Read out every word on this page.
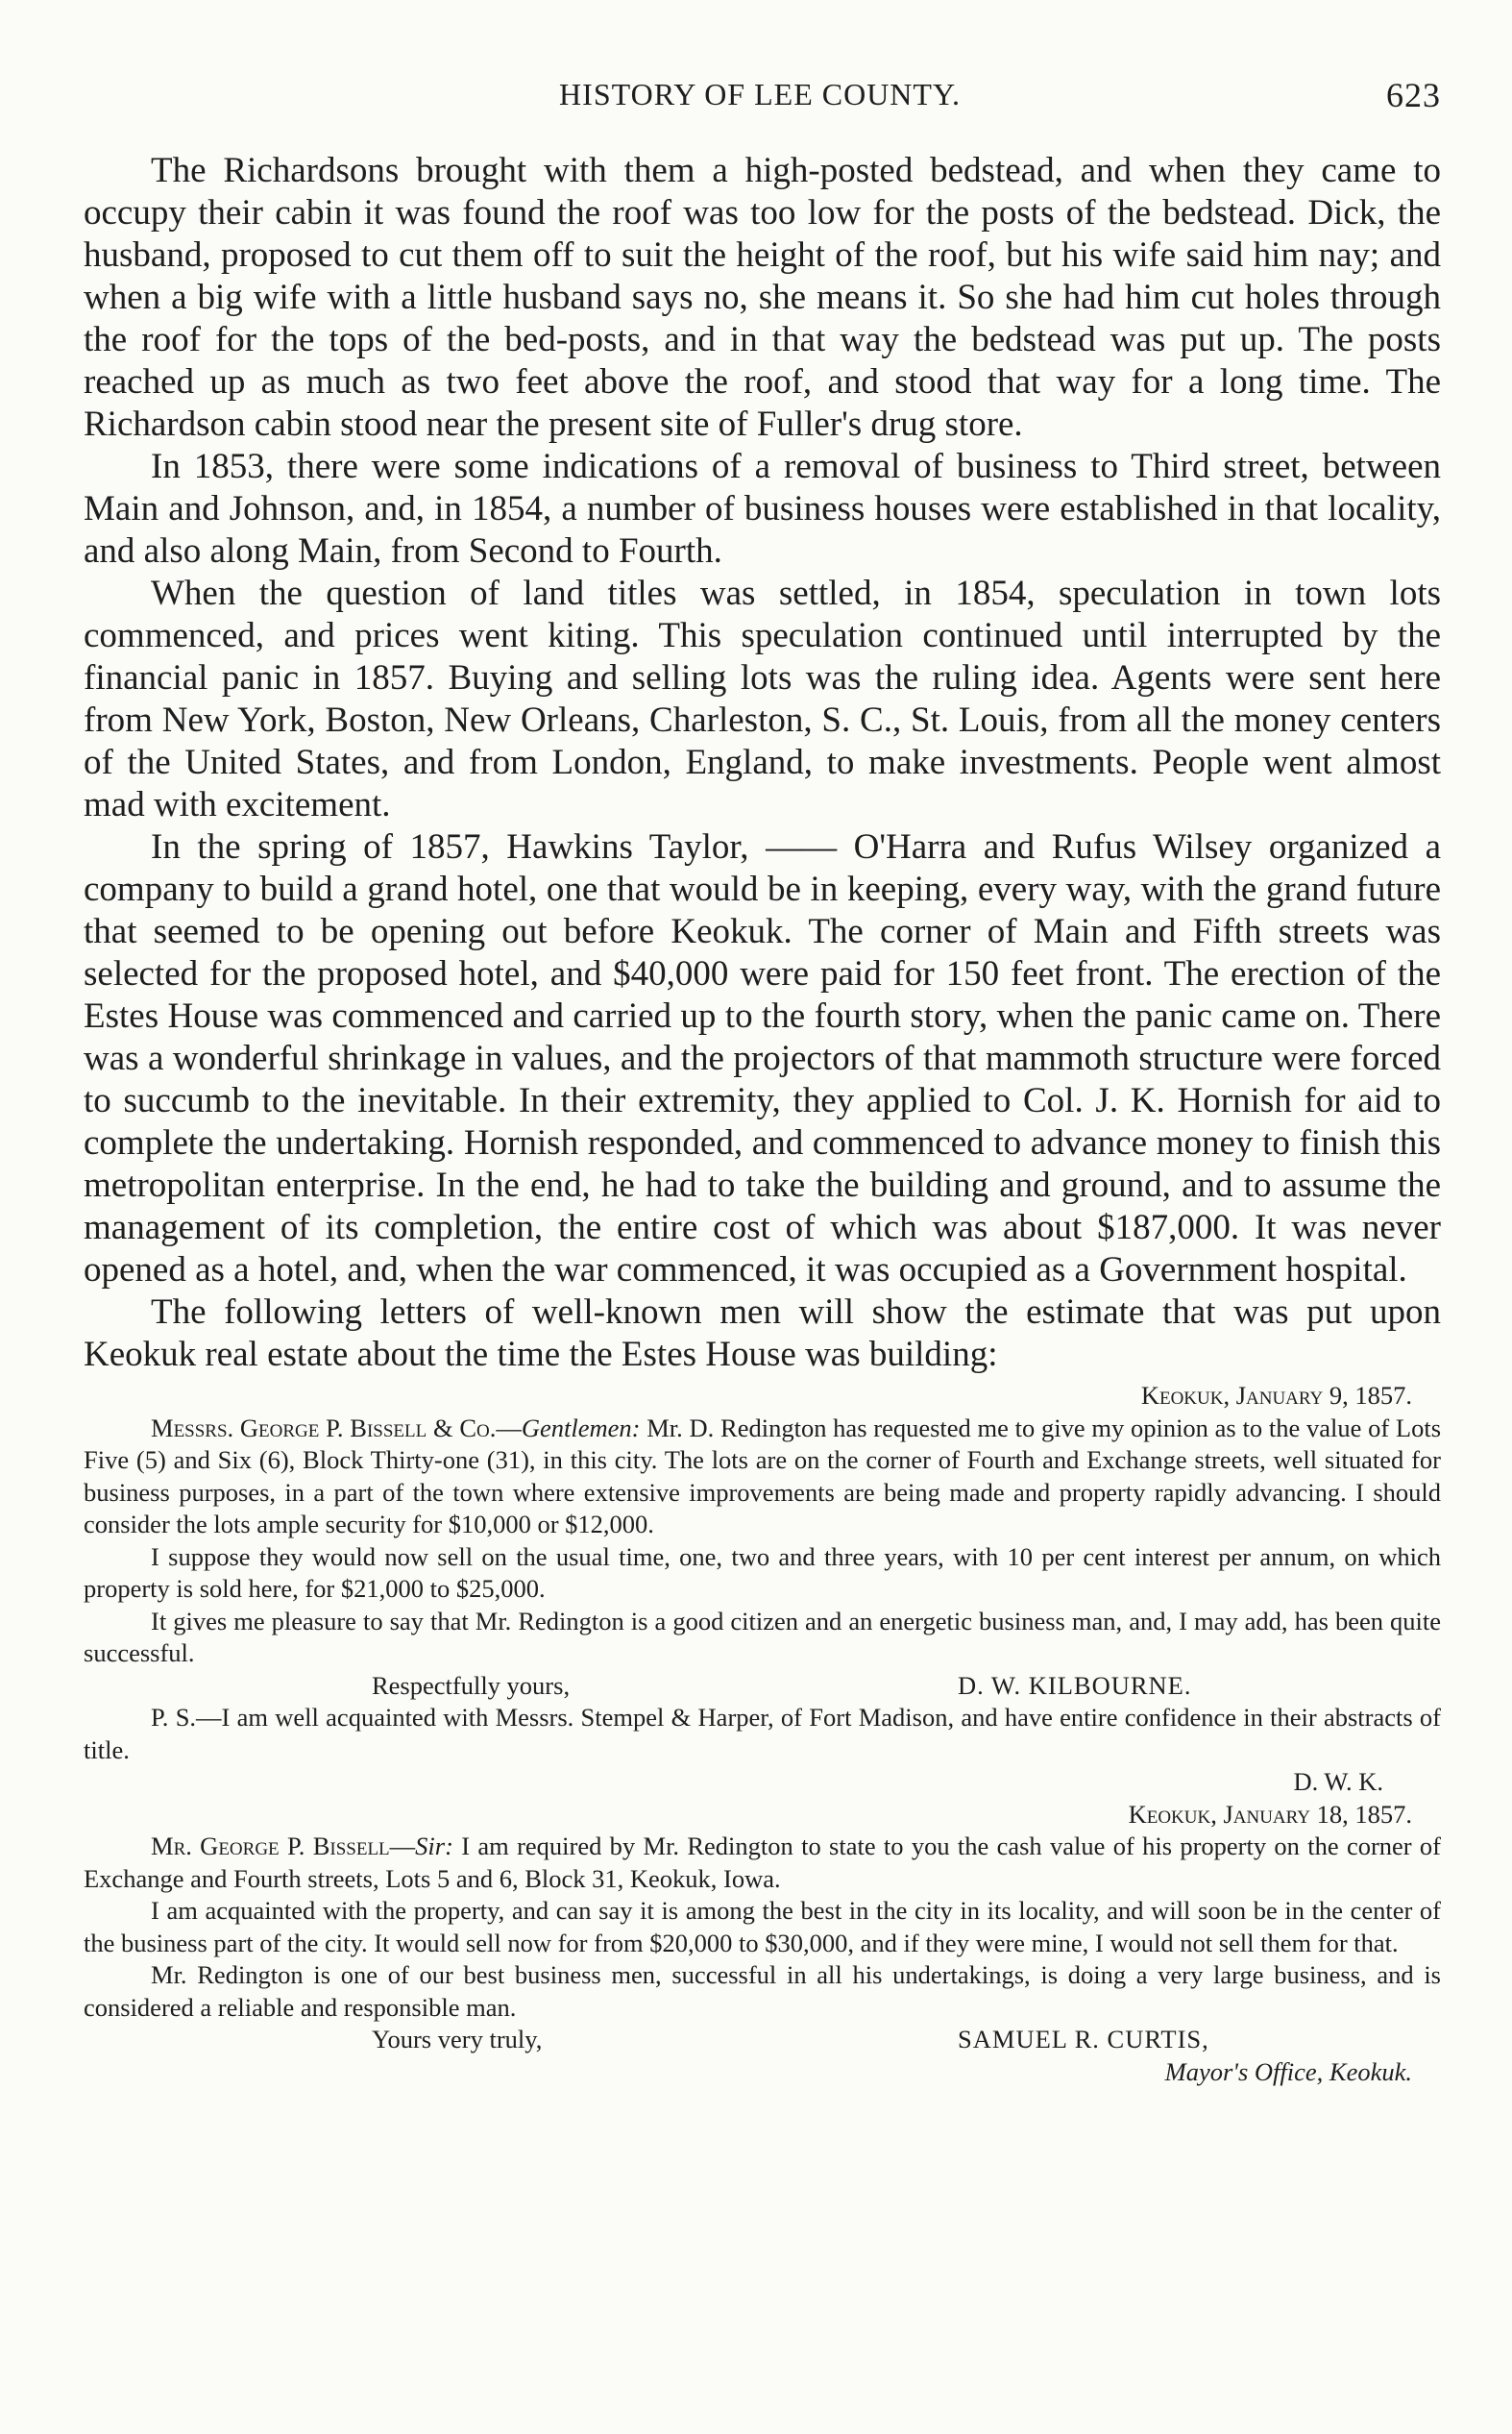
HISTORY OF LEE COUNTY.	623

The Richardsons brought with them a high-posted bedstead, and when they came to occupy their cabin it was found the roof was too low for the posts of the bedstead. Dick, the husband, proposed to cut them off to suit the height of the roof, but his wife said him nay; and when a big wife with a little husband says no, she means it. So she had him cut holes through the roof for the tops of the bed-posts, and in that way the bedstead was put up. The posts reached up as much as two feet above the roof, and stood that way for a long time. The Richardson cabin stood near the present site of Fuller's drug store.

In 1853, there were some indications of a removal of business to Third street, between Main and Johnson, and, in 1854, a number of business houses were established in that locality, and also along Main, from Second to Fourth.

When the question of land titles was settled, in 1854, speculation in town lots commenced, and prices went kiting. This speculation continued until interrupted by the financial panic in 1857. Buying and selling lots was the ruling idea. Agents were sent here from New York, Boston, New Orleans, Charleston, S. C., St. Louis, from all the money centers of the United States, and from London, England, to make investments. People went almost mad with excitement.

In the spring of 1857, Hawkins Taylor, —— O'Harra and Rufus Wilsey organized a company to build a grand hotel, one that would be in keeping, every way, with the grand future that seemed to be opening out before Keokuk. The corner of Main and Fifth streets was selected for the proposed hotel, and $40,000 were paid for 150 feet front. The erection of the Estes House was commenced and carried up to the fourth story, when the panic came on. There was a wonderful shrinkage in values, and the projectors of that mammoth structure were forced to succumb to the inevitable. In their extremity, they applied to Col. J. K. Hornish for aid to complete the undertaking. Hornish responded, and commenced to advance money to finish this metropolitan enterprise. In the end, he had to take the building and ground, and to assume the management of its completion, the entire cost of which was about $187,000. It was never opened as a hotel, and, when the war commenced, it was occupied as a Government hospital.

The following letters of well-known men will show the estimate that was put upon Keokuk real estate about the time the Estes House was building:

Keokuk, January 9, 1857.

Messrs. George P. Bissell & Co.—Gentlemen: Mr. D. Redington has requested me to give my opinion as to the value of Lots Five (5) and Six (6), Block Thirty-one (31), in this city. The lots are on the corner of Fourth and Exchange streets, well situated for business purposes, in a part of the town where extensive improvements are being made and property rapidly advancing. I should consider the lots ample security for $10,000 or $12,000.

I suppose they would now sell on the usual time, one, two and three years, with 10 per cent interest per annum, on which property is sold here, for $21,000 to $25,000.

It gives me pleasure to say that Mr. Redington is a good citizen and an energetic business man, and, I may add, has been quite successful.

Respectfully yours,	D. W. KILBOURNE.

P. S.—I am well acquainted with Messrs. Stempel & Harper, of Fort Madison, and have entire confidence in their abstracts of title.

D. W. K.

Keokuk, January 18, 1857.

Mr. George P. Bissell—Sir: I am required by Mr. Redington to state to you the cash value of his property on the corner of Exchange and Fourth streets, Lots 5 and 6, Block 31, Keokuk, Iowa.

I am acquainted with the property, and can say it is among the best in the city in its locality, and will soon be in the center of the business part of the city. It would sell now for from $20,000 to $30,000, and if they were mine, I would not sell them for that.

Mr. Redington is one of our best business men, successful in all his undertakings, is doing a very large business, and is considered a reliable and responsible man.

Yours very truly,	SAMUEL R. CURTIS,
Mayor's Office, Keokuk.
